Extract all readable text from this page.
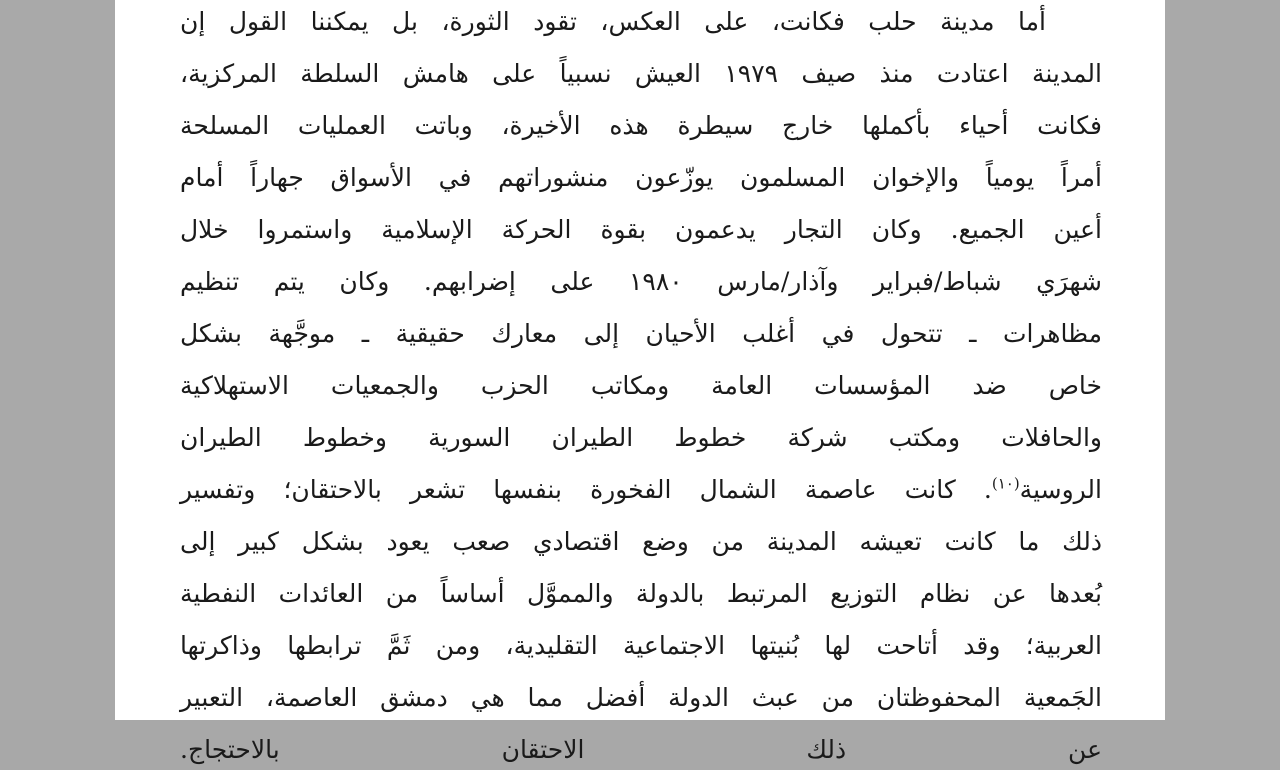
أما مدينة حلب فكانت، على العكس، تقود الثورة، بل يمكننا القول إن
المدينة اعتادت منذ صيف ١٩٧٩ العيش نسبياً على هامش السلطة المركزية،
فكانت أحياء بأكملها خارج سيطرة هذه الأخيرة، وباتت العمليات المسلحة
أمراً يومياً والإخوان المسلمون يوزّعون منشوراتهم في الأسواق جهاراً أمام
أعين الجميع. وكان التجار يدعمون بقوة الحركة الإسلامية واستمروا خلال
شهرَي شباط/فبراير وآذار/مارس ١٩٨٠ على إضرابهم. وكان يتم تنظيم
مظاهرات ـ تتحول في أغلب الأحيان إلى معارك حقيقية ـ موجَّهة بشكل
خاص ضد المؤسسات العامة ومكاتب الحزب والجمعيات الاستهلاكية
والحافلات ومكتب شركة خطوط الطيران السورية وخطوط الطيران
الروسية$^{(١٠)}$. كانت عاصمة الشمال الفخورة بنفسها تشعر بالاحتقان؛ وتفسير
ذلك ما كانت تعيشه المدينة من وضع اقتصادي صعب يعود بشكل كبير إلى
بُعدها عن نظام التوزيع المرتبط بالدولة والمموَّل أساساً من العائدات النفطية
العربية؛ وقد أتاحت لها بُنيتها الاجتماعية التقليدية، ومن ثَمَّ ترابطها وذاكرتها
الجَمعية المحفوظتان من عبث الدولة أفضل مما هي دمشق العاصمة، التعبير
عن ذلك الاحتقان بالاحتجاج.
